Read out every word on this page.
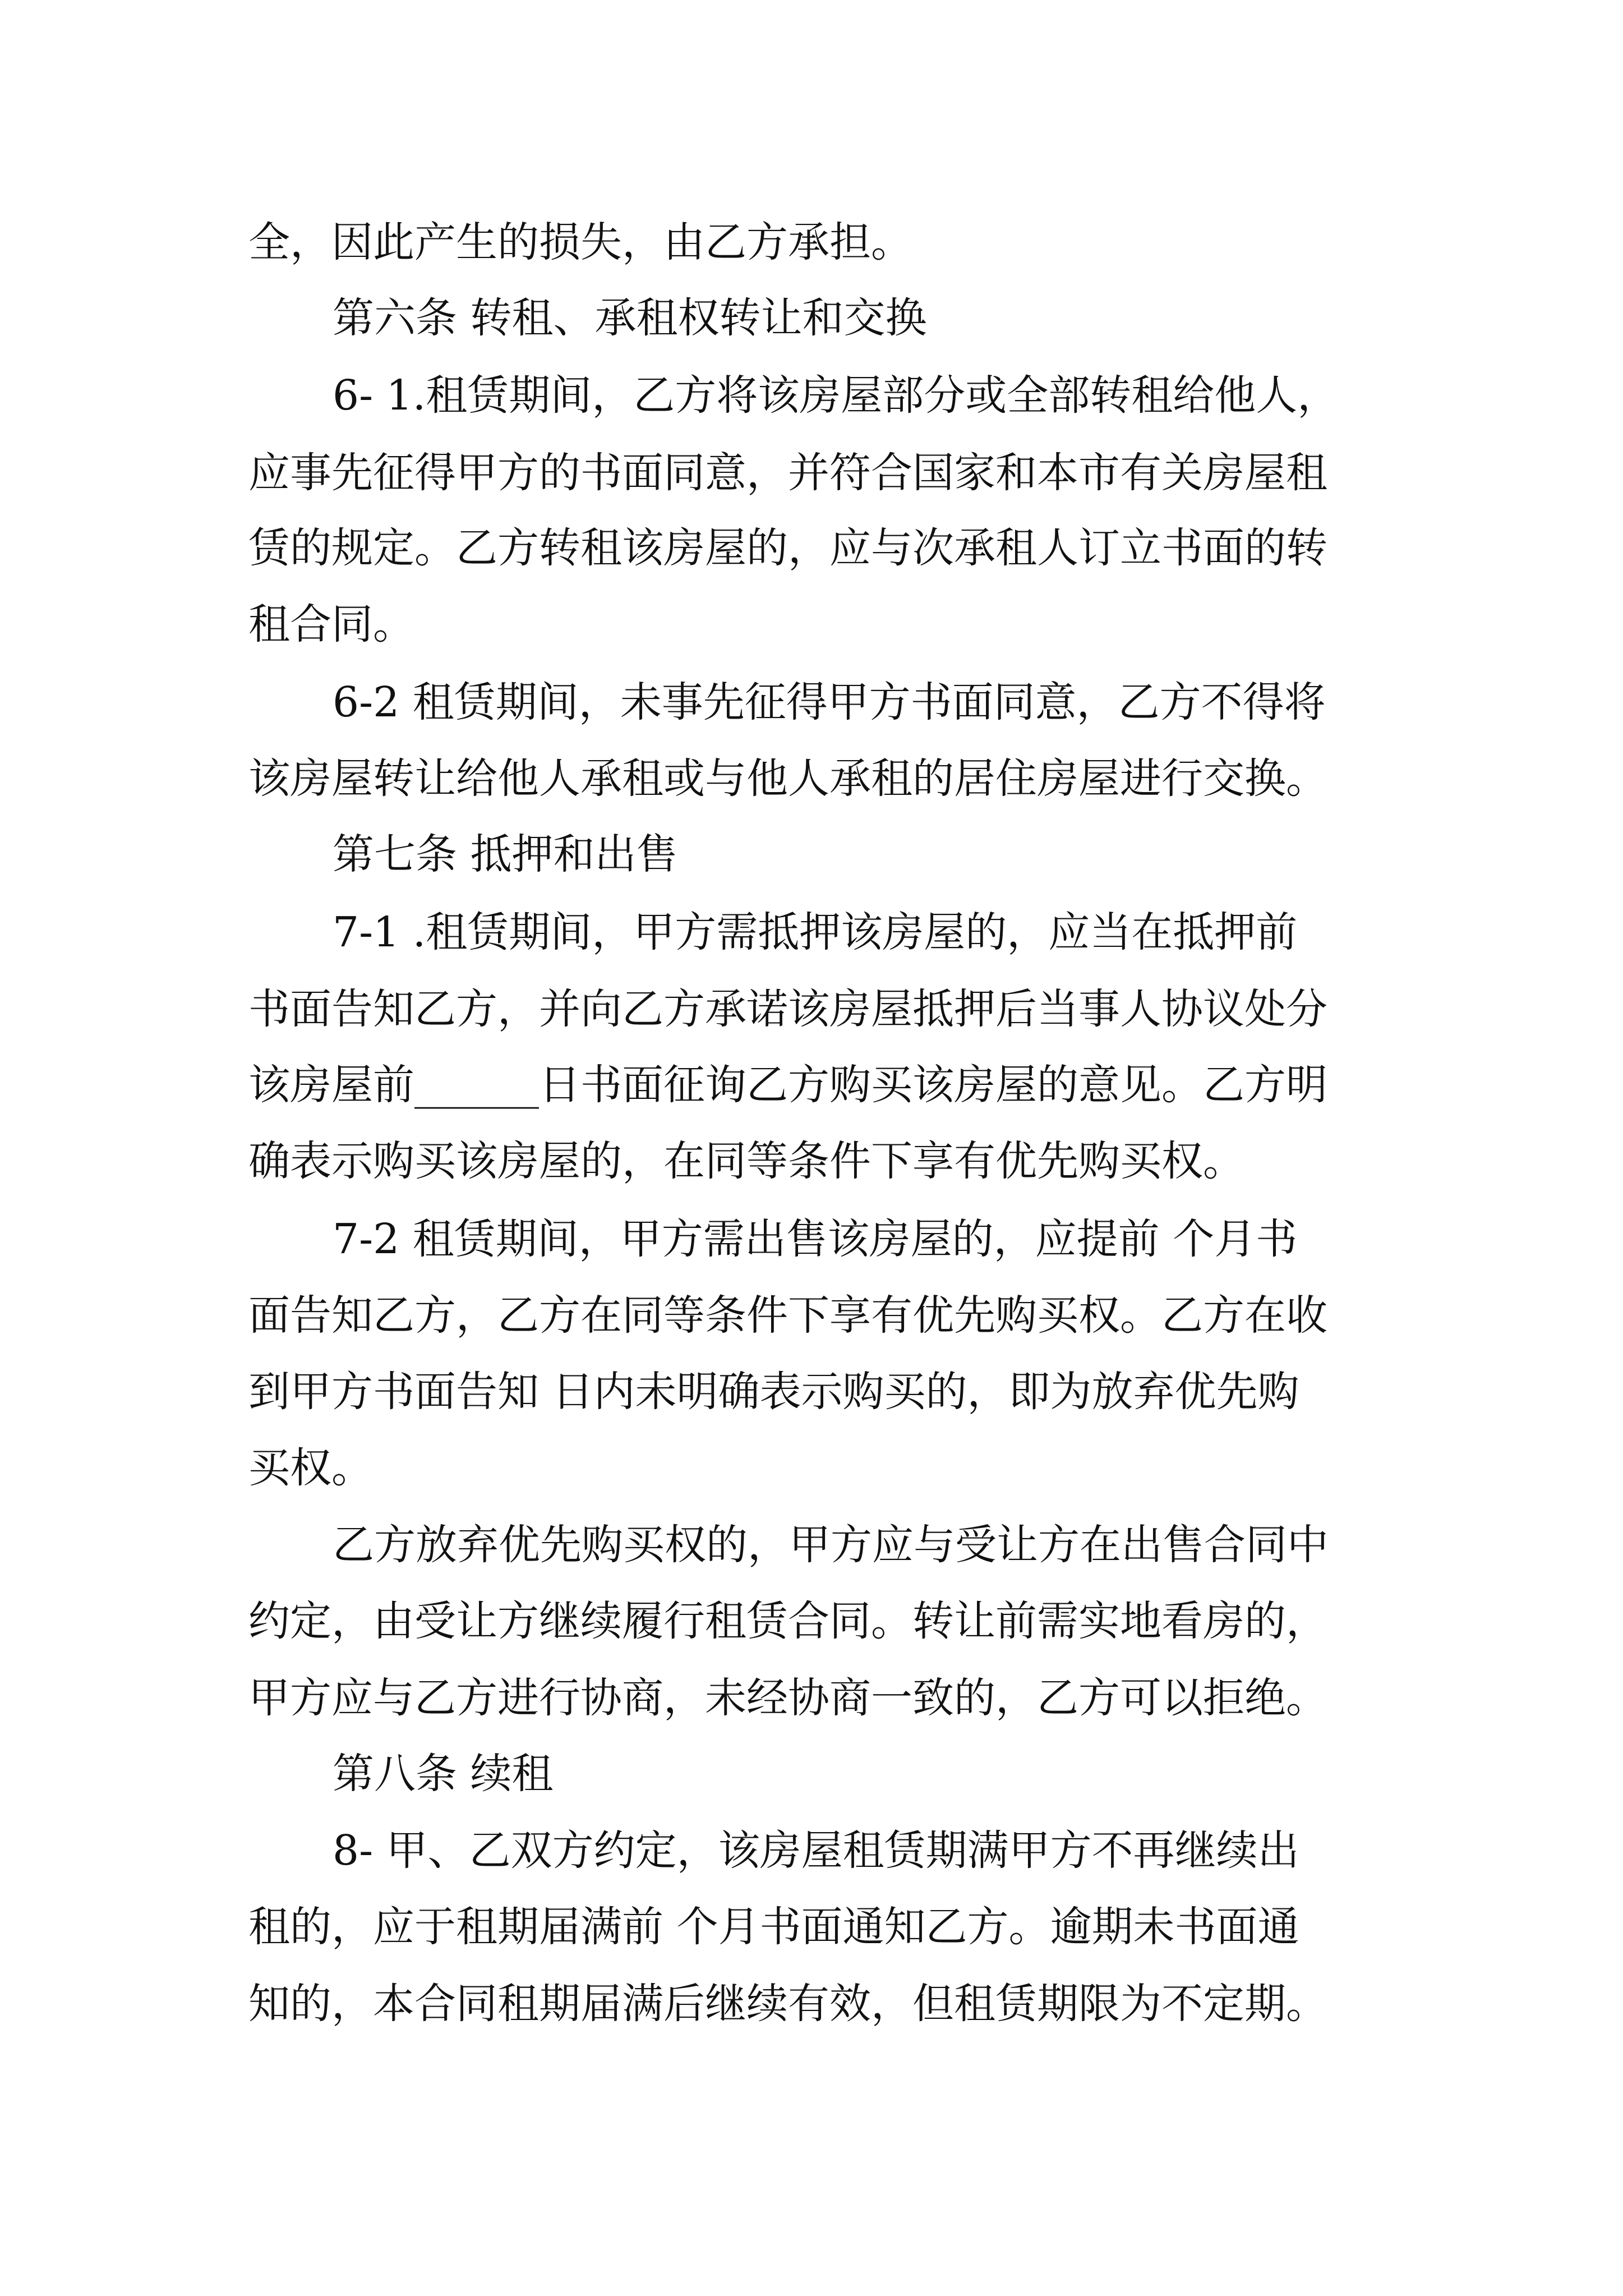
全，因此产生的损失，由乙方承担。
第六条 转租、承租权转让和交换
6- 1.租赁期间，乙方将该房屋部分或全部转租给他人，
应事先征得甲方的书面同意，并符合国家和本市有关房屋租
赁的规定。乙方转租该房屋的，应与次承租人订立书面的转
租合同。
6-2 租赁期间，未事先征得甲方书面同意，乙方不得将
该房屋转让给他人承租或与他人承租的居住房屋进行交换。
第七条 抵押和出售
7-1 .租赁期间，甲方需抵押该房屋的，应当在抵押前
书面告知乙方，并向乙方承诺该房屋抵押后当事人协议处分
该房屋前______日书面征询乙方购买该房屋的意见。乙方明
确表示购买该房屋的，在同等条件下享有优先购买权。
7-2 租赁期间，甲方需出售该房屋的，应提前 个月书
面告知乙方，乙方在同等条件下享有优先购买权。乙方在收
到甲方书面告知 日内未明确表示购买的，即为放弃优先购
买权。
乙方放弃优先购买权的，甲方应与受让方在出售合同中
约定，由受让方继续履行租赁合同。转让前需实地看房的，
甲方应与乙方进行协商，未经协商一致的，乙方可以拒绝。
第八条 续租
8- 甲、乙双方约定，该房屋租赁期满甲方不再继续出
租的，应于租期届满前 个月书面通知乙方。逾期未书面通
知的，本合同租期届满后继续有效，但租赁期限为不定期。
